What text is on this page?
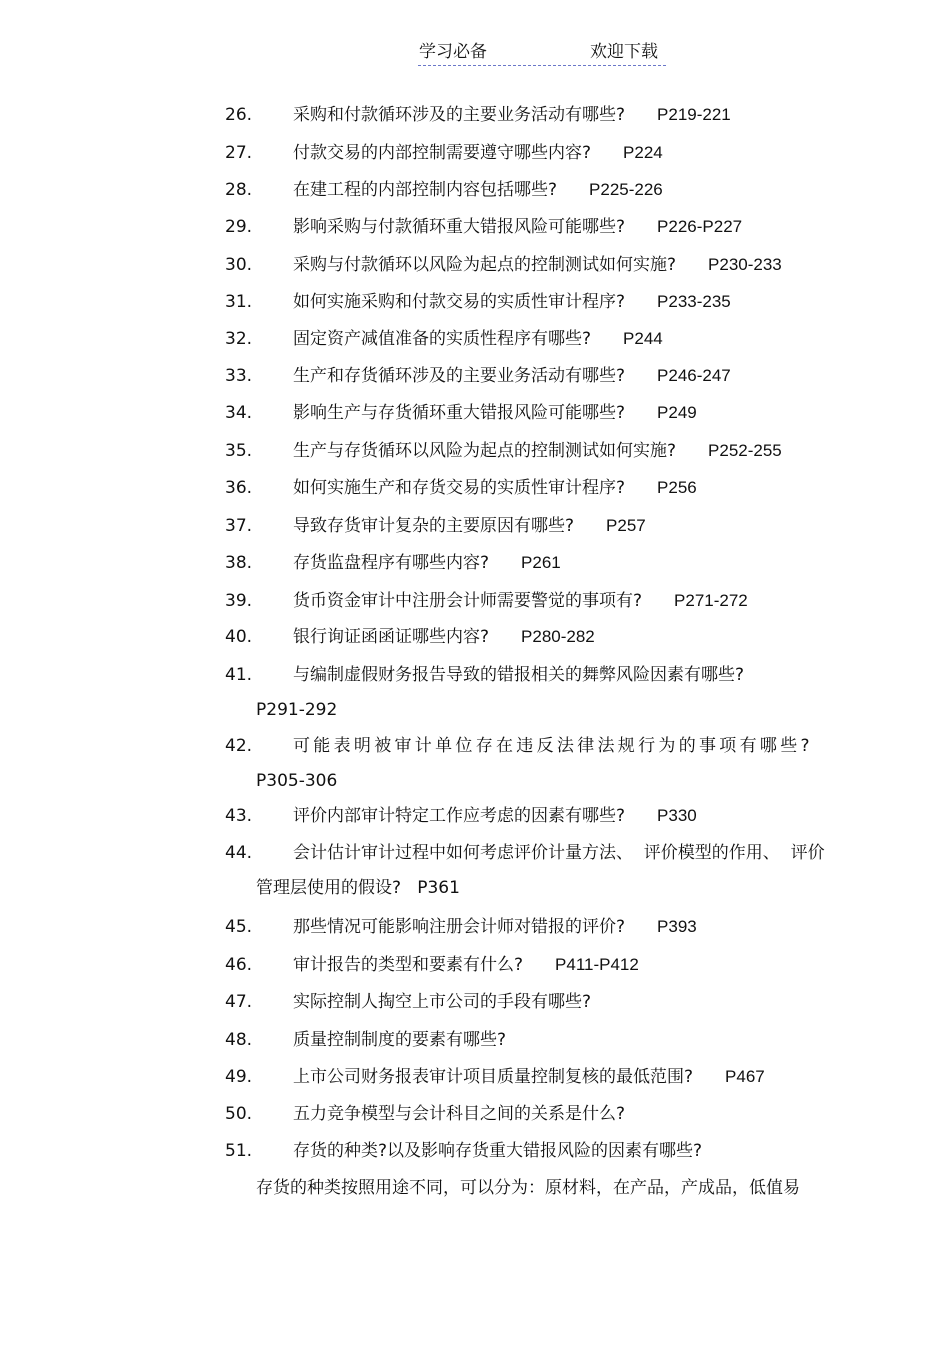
学习必备	欢迎下载
26. 采购和付款循环涉及的主要业务活动有哪些? P219-221
27. 付款交易的内部控制需要遵守哪些内容? P224
28. 在建工程的内部控制内容包括哪些? P225-226
29. 影响采购与付款循环重大错报风险可能哪些? P226-P227
30. 采购与付款循环以风险为起点的控制测试如何实施? P230-233
31. 如何实施采购和付款交易的实质性审计程序? P233-235
32. 固定资产减值准备的实质性程序有哪些? P244
33. 生产和存货循环涉及的主要业务活动有哪些? P246-247
34. 影响生产与存货循环重大错报风险可能哪些? P249
35. 生产与存货循环以风险为起点的控制测试如何实施? P252-255
36. 如何实施生产和存货交易的实质性审计程序? P256
37. 导致存货审计复杂的主要原因有哪些? P257
38. 存货监盘程序有哪些内容? P261
39. 货币资金审计中注册会计师需要警觉的事项有? P271-272
40. 银行询证函函证哪些内容? P280-282
41. 与编制虚假财务报告导致的错报相关的舞弊风险因素有哪些?
P291-292
42. 可能表明被审计单位存在违反法律法规行为的事项有哪些?
P305-306
43. 评价内部审计特定工作应考虑的因素有哪些? P330
44. 会计估计审计过程中如何考虑评价计量方法、  评价模型的作用、  评价
管理层使用的假设?   P361
45. 那些情况可能影响注册会计师对错报的评价? P393
46. 审计报告的类型和要素有什么? P411-P412
47. 实际控制人掏空上市公司的手段有哪些?
48. 质量控制制度的要素有哪些?
49. 上市公司财务报表审计项目质量控制复核的最低范围? P467
50. 五力竞争模型与会计科目之间的关系是什么?
51. 存货的种类?以及影响存货重大错报风险的因素有哪些?
存货的种类按照用途不同，可以分为：原材料，在产品，产成品，低值易
